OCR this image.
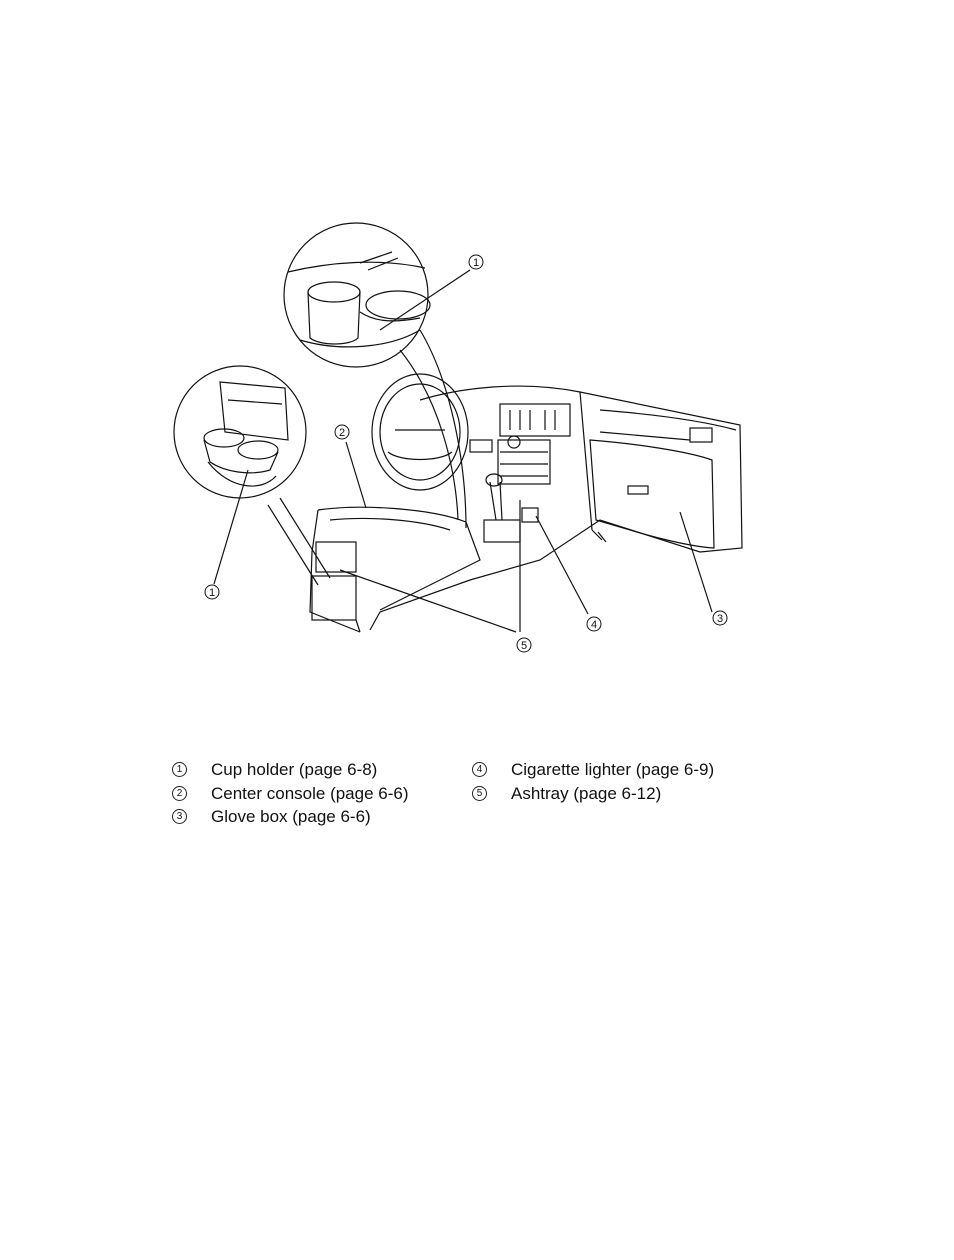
1
1
2
3
4
5
1 Cup holder (page 6-8)
2 Center console (page 6-6)
3 Glove box (page 6-6)
4 Cigarette lighter (page 6-9)
5 Ashtray (page 6-12)
